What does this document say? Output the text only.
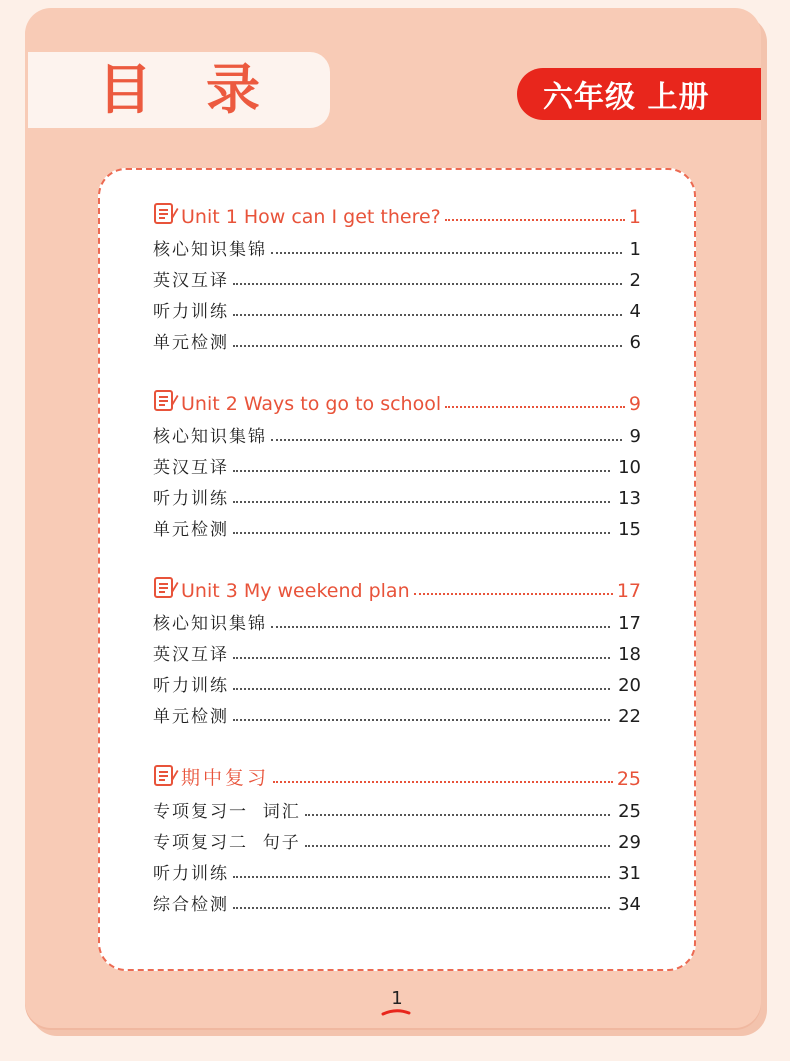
目 录	六年级 上册
Unit 1 How can I get there?	1
核心知识集锦	1
英汉互译	2
听力训练	4
单元检测	6
Unit 2 Ways to go to school	9
核心知识集锦	9
英汉互译	10
听力训练	13
单元检测	15
Unit 3 My weekend plan	17
核心知识集锦	17
英汉互译	18
听力训练	20
单元检测	22
期中复习	25
专项复习一  词汇	25
专项复习二  句子	29
听力训练	31
综合检测	34
1
